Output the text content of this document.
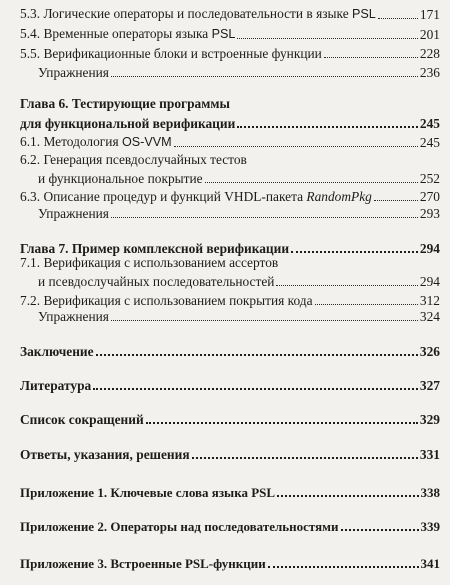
5.3. Логические операторы и последовательности в языке PSL	171
5.4. Временные операторы языка PSL	201
5.5. Верификационные блоки и встроенные функции	228
Упражнения	236
Глава 6. Тестирующие программы
для функциональной верификации	245
6.1. Методология OS-VVM	245
6.2. Генерация псевдослучайных тестов
и функциональное покрытие	252
6.3. Описание процедур и функций VHDL-пакета RandomPkg	270
Упражнения	293
Глава 7. Пример комплексной верификации	294
7.1. Верификация с использованием ассертов
и псевдослучайных последовательностей	294
7.2. Верификация с использованием покрытия кода	312
Упражнения	324
Заключение	326
Литература	327
Список сокращений	329
Ответы, указания, решения	331
Приложение 1. Ключевые слова языка PSL	338
Приложение 2. Операторы над последовательностями	339
Приложение 3. Встроенные PSL-функции	341
